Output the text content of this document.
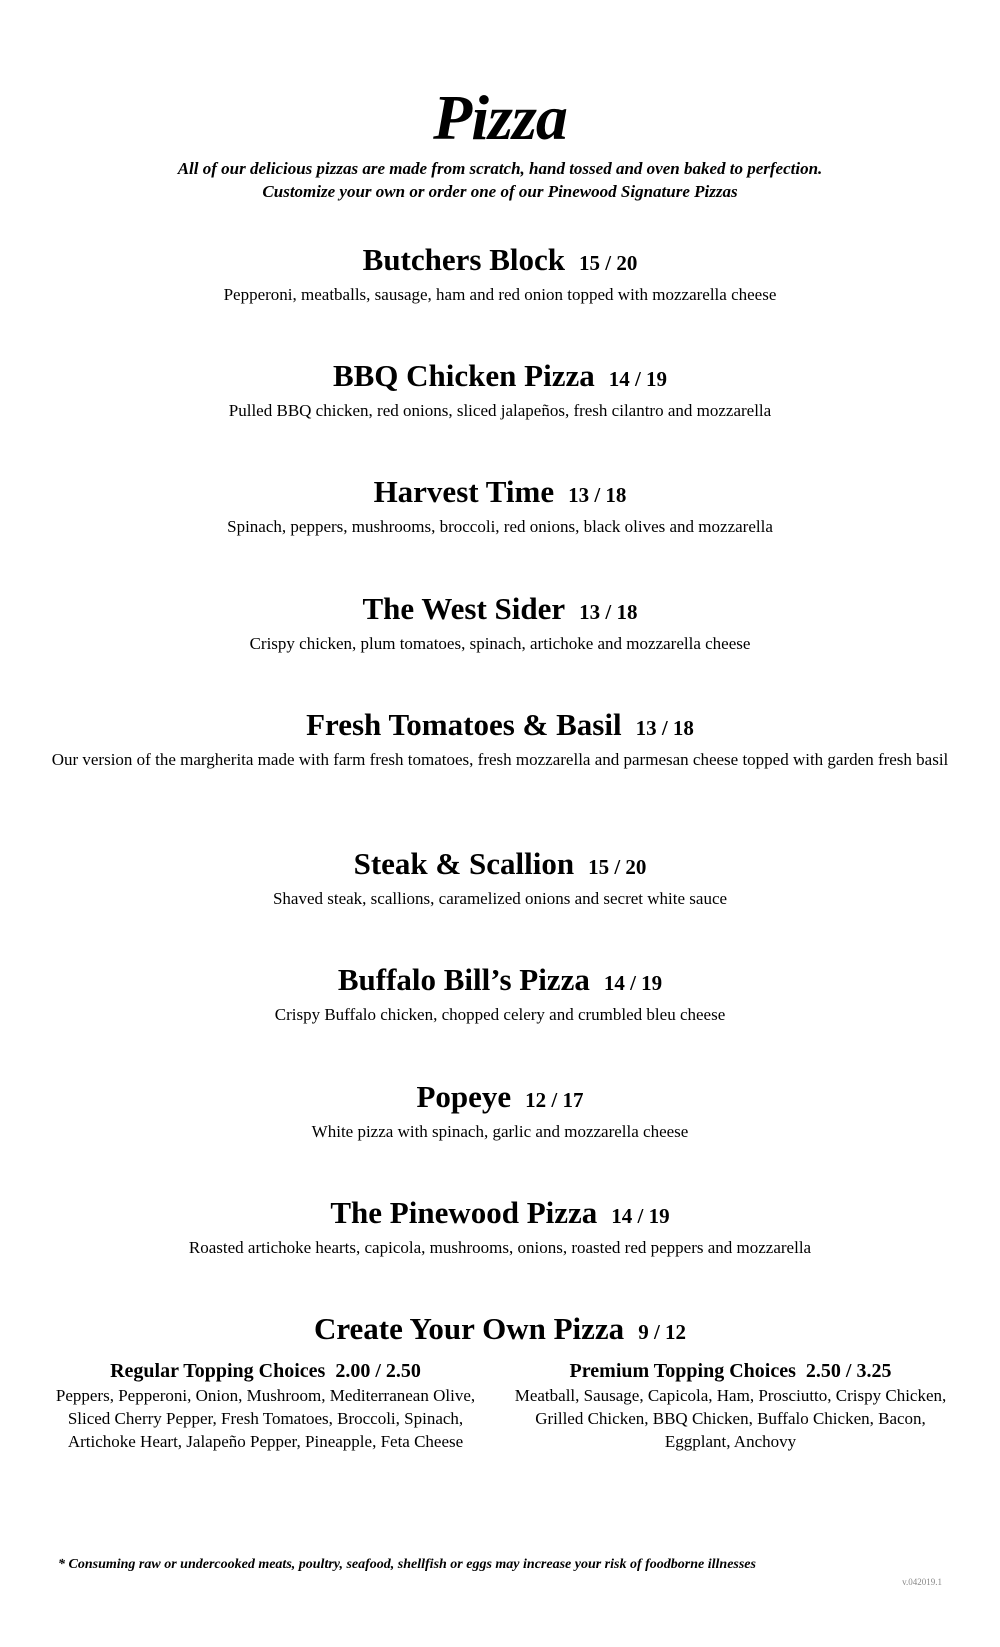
Pizza
All of our delicious pizzas are made from scratch, hand tossed and oven baked to perfection.
Customize your own or order one of our Pinewood Signature Pizzas
Butchers Block 15 / 20
Pepperoni, meatballs, sausage, ham and red onion topped with mozzarella cheese
BBQ Chicken Pizza 14 / 19
Pulled BBQ chicken, red onions, sliced jalapeños, fresh cilantro and mozzarella
Harvest Time 13 / 18
Spinach, peppers, mushrooms, broccoli, red onions, black olives and mozzarella
The West Sider 13 / 18
Crispy chicken, plum tomatoes, spinach, artichoke and mozzarella cheese
Fresh Tomatoes & Basil 13 / 18
Our version of the margherita made with farm fresh tomatoes, fresh mozzarella and parmesan cheese topped with garden fresh basil
Steak & Scallion 15 / 20
Shaved steak, scallions, caramelized onions and secret white sauce
Buffalo Bill’s Pizza 14 / 19
Crispy Buffalo chicken, chopped celery and crumbled bleu cheese
Popeye 12 / 17
White pizza with spinach, garlic and mozzarella cheese
The Pinewood Pizza 14 / 19
Roasted artichoke hearts, capicola, mushrooms, onions, roasted red peppers and mozzarella
Create Your Own Pizza 9 / 12
Regular Topping Choices 2.00 / 2.50
Peppers, Pepperoni, Onion, Mushroom, Mediterranean Olive, Sliced Cherry Pepper, Fresh Tomatoes, Broccoli, Spinach, Artichoke Heart, Jalapeño Pepper, Pineapple, Feta Cheese
Premium Topping Choices 2.50 / 3.25
Meatball, Sausage, Capicola, Ham, Prosciutto, Crispy Chicken, Grilled Chicken, BBQ Chicken, Buffalo Chicken, Bacon, Eggplant, Anchovy
* Consuming raw or undercooked meats, poultry, seafood, shellfish or eggs may increase your risk of foodborne illnesses
v.042019.1
